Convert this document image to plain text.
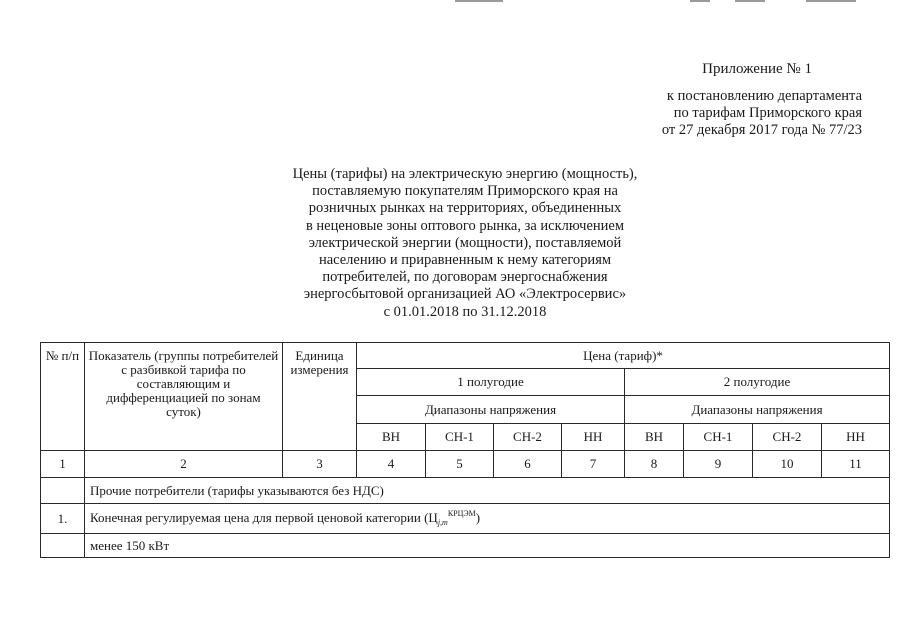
Приложение № 1
к постановлению департамента
по тарифам Приморского края
от 27 декабря 2017 года № 77/23
Цены (тарифы) на электрическую энергию (мощность),
поставляемую покупателям Приморского края на
розничных рынках на территориях, объединенных
в неценовые зоны оптового рынка, за исключением
электрической энергии (мощности), поставляемой
населению и приравненным к нему категориям
потребителей, по договорам энергоснабжения
энергосбытовой организацией АО «Электросервис»
с 01.01.2018 по 31.12.2018
№ п/п	Показатель (группы потребителей с разбивкой тарифа по составляющим и дифференциацией по зонам суток)	Единица измерения	Цена (тариф)*							
			1 полугодие				2 полугодие			
			Диапазоны напряжения				Диапазоны напряжения			
			ВН	СН-1	СН-2	НН	ВН	СН-1	СН-2	НН
1	2	3	4	5	6	7	8	9	10	11
	Прочие потребители (тарифы указываются без НДС)									
1.	Конечная регулируемая цена для первой ценовой категории $(Ц_{j,m}^{КРЦЭМ})$									
	менее 150 кВт									
